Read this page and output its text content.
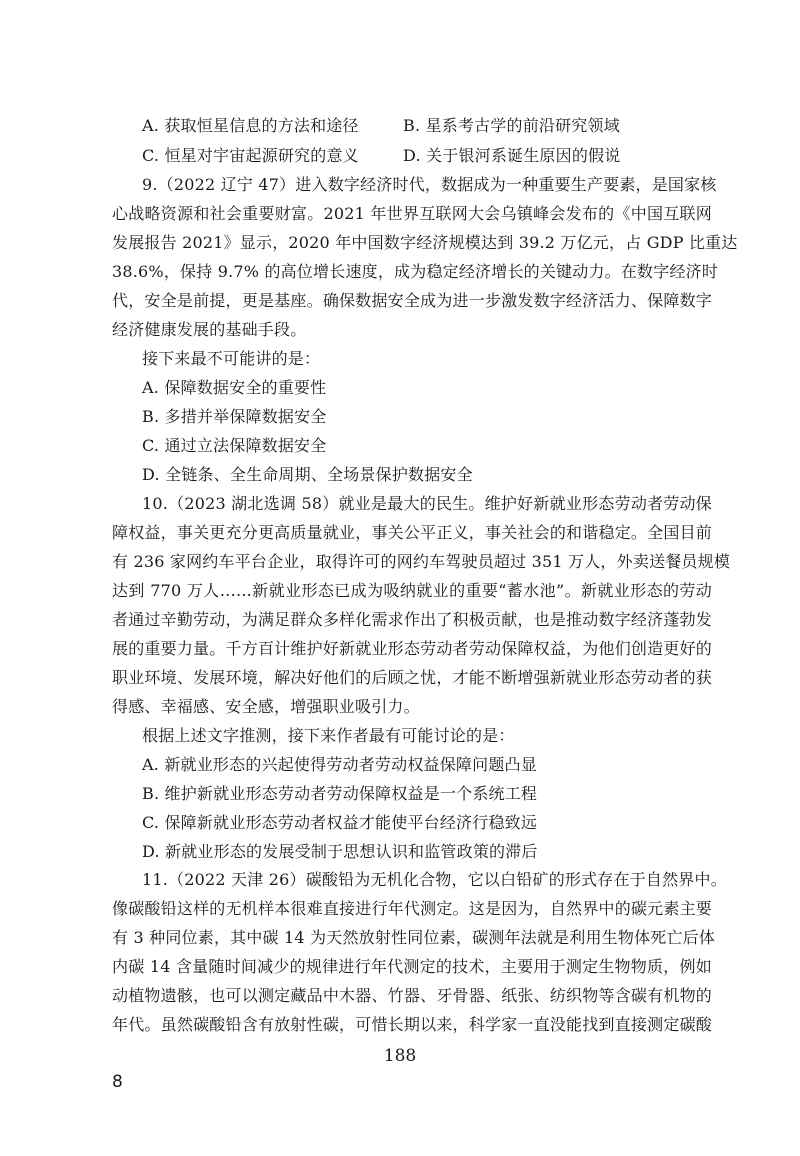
A. 获取恒星信息的方法和途径	B. 星系考古学的前沿研究领域
C. 恒星对宇宙起源研究的意义	D. 关于银河系诞生原因的假说
9.（2022 辽宁 47）进入数字经济时代，数据成为一种重要生产要素，是国家核
心战略资源和社会重要财富。2021 年世界互联网大会乌镇峰会发布的《中国互联网
发展报告 2021》显示，2020 年中国数字经济规模达到 39.2 万亿元，占 GDP 比重达
38.6%，保持 9.7% 的高位增长速度，成为稳定经济增长的关键动力。在数字经济时
代，安全是前提，更是基座。确保数据安全成为进一步激发数字经济活力、保障数字
经济健康发展的基础手段。
接下来最不可能讲的是：
A. 保障数据安全的重要性
B. 多措并举保障数据安全
C. 通过立法保障数据安全
D. 全链条、全生命周期、全场景保护数据安全
10.（2023 湖北选调 58）就业是最大的民生。维护好新就业形态劳动者劳动保
障权益，事关更充分更高质量就业，事关公平正义，事关社会的和谐稳定。全国目前
有 236 家网约车平台企业，取得许可的网约车驾驶员超过 351 万人，外卖送餐员规模
达到 770 万人……新就业形态已成为吸纳就业的重要“蓄水池”。新就业形态的劳动
者通过辛勤劳动，为满足群众多样化需求作出了积极贡献，也是推动数字经济蓬勃发
展的重要力量。千方百计维护好新就业形态劳动者劳动保障权益，为他们创造更好的
职业环境、发展环境，解决好他们的后顾之忧，才能不断增强新就业形态劳动者的获
得感、幸福感、安全感，增强职业吸引力。
根据上述文字推测，接下来作者最有可能讨论的是：
A. 新就业形态的兴起使得劳动者劳动权益保障问题凸显
B. 维护新就业形态劳动者劳动保障权益是一个系统工程
C. 保障新就业形态劳动者权益才能使平台经济行稳致远
D. 新就业形态的发展受制于思想认识和监管政策的滞后
11.（2022 天津 26）碳酸铅为无机化合物，它以白铅矿的形式存在于自然界中。
像碳酸铅这样的无机样本很难直接进行年代测定。这是因为，自然界中的碳元素主要
有 3 种同位素，其中碳 14 为天然放射性同位素，碳测年法就是利用生物体死亡后体
内碳 14 含量随时间减少的规律进行年代测定的技术，主要用于测定生物物质，例如
动植物遗骸，也可以测定藏品中木器、竹器、牙骨器、纸张、纺织物等含碳有机物的
年代。虽然碳酸铅含有放射性碳，可惜长期以来，科学家一直没能找到直接测定碳酸
188
8
